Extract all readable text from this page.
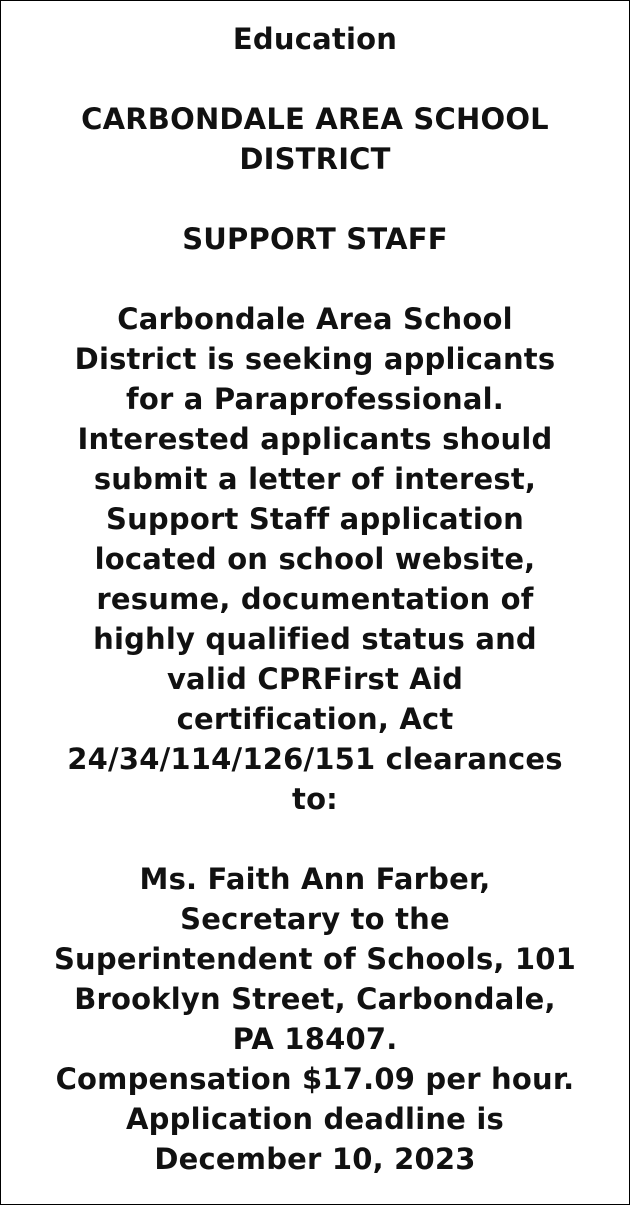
Education
CARBONDALE AREA SCHOOL
DISTRICT
SUPPORT STAFF
Carbondale Area School
District is seeking applicants
for a Paraprofessional.
Interested applicants should
submit a letter of interest,
Support Staff application
located on school website,
resume, documentation of
highly qualified status and
valid CPRFirst Aid
certification, Act
24/34/114/126/151 clearances
to:
Ms. Faith Ann Farber,
Secretary to the
Superintendent of Schools, 101
Brooklyn Street, Carbondale,
PA 18407.
Compensation $17.09 per hour.
Application deadline is
December 10, 2023
